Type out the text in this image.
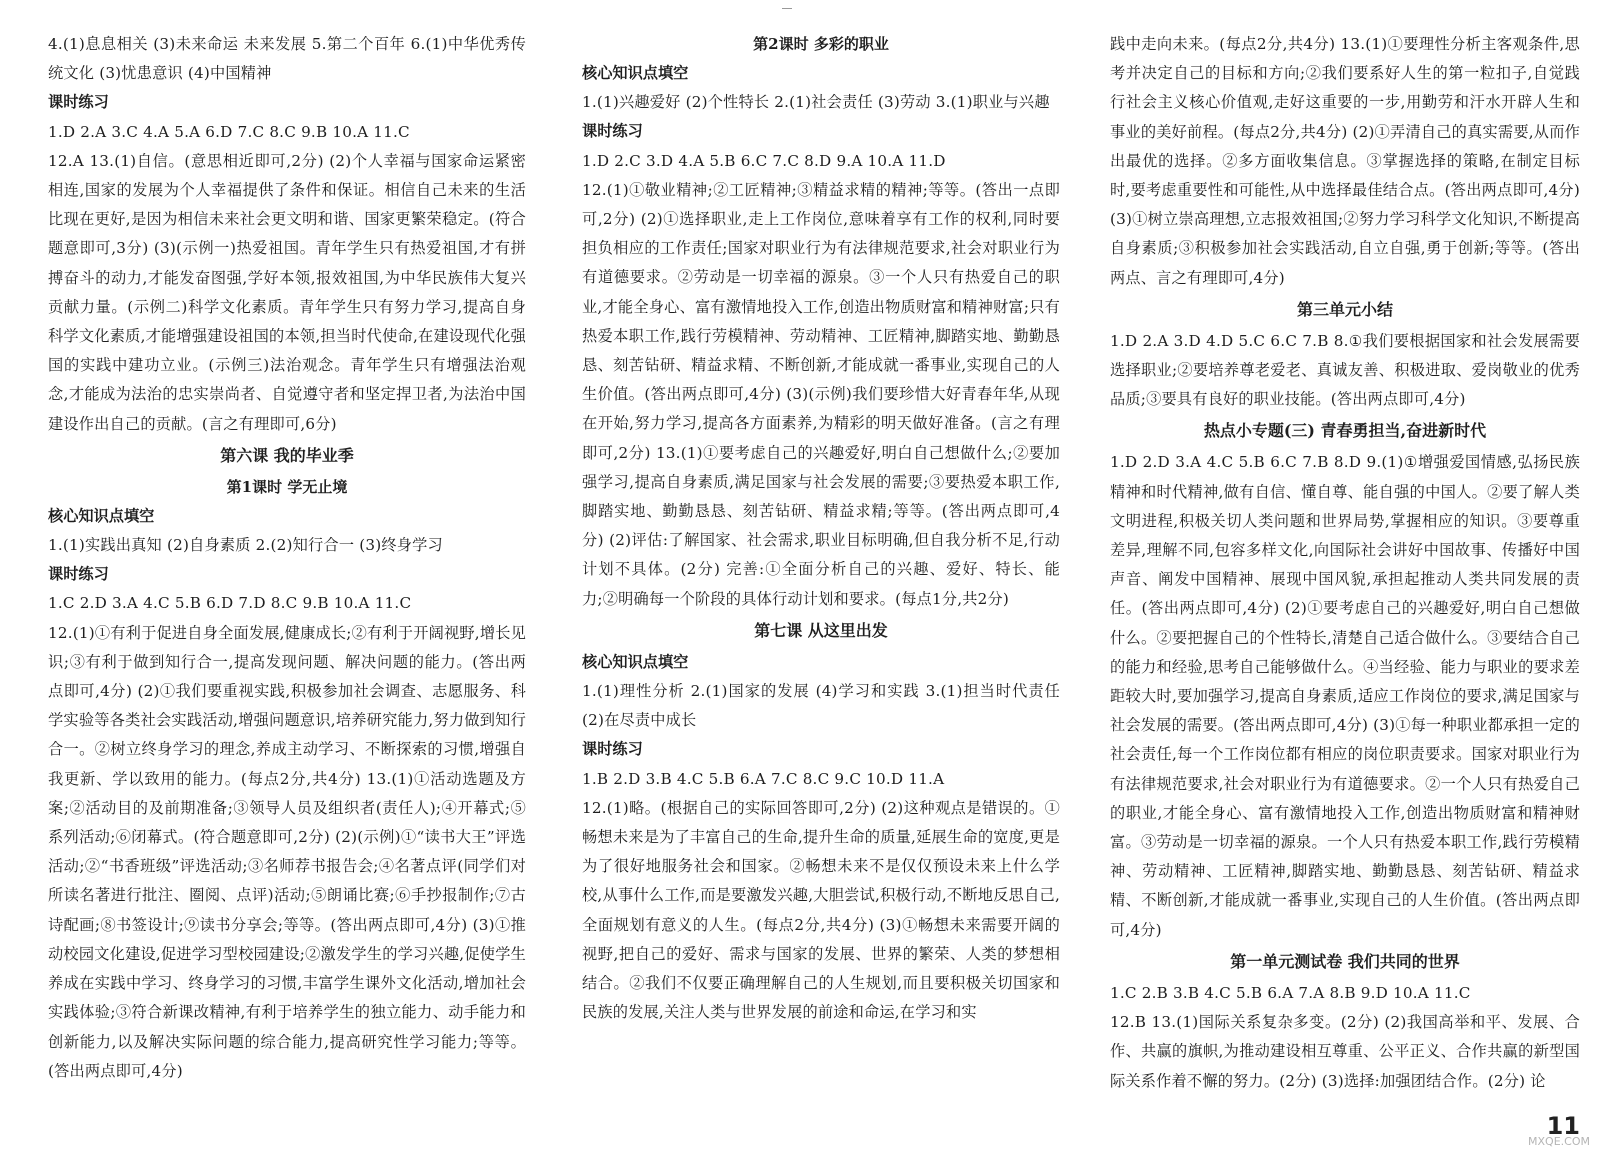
4.(1)息息相关 (3)未来命运 未来发展 5.第二个百年 6.(1)中华优秀传统文化 (3)忧患意识 (4)中国精神

课时练习

1.D 2.A 3.C 4.A 5.A 6.D 7.C 8.C 9.B 10.A 11.C

12.A 13.(1)自信。(意思相近即可,2分) (2)个人幸福与国家命运紧密相连,国家的发展为个人幸福提供了条件和保证。相信自己未来的生活比现在更好,是因为相信未来社会更文明和谐、国家更繁荣稳定。(符合题意即可,3分) (3)(示例一)热爱祖国。青年学生只有热爱祖国,才有拼搏奋斗的动力,才能发奋图强,学好本领,报效祖国,为中华民族伟大复兴贡献力量。(示例二)科学文化素质。青年学生只有努力学习,提高自身科学文化素质,才能增强建设祖国的本领,担当时代使命,在建设现代化强国的实践中建功立业。(示例三)法治观念。青年学生只有增强法治观念,才能成为法治的忠实崇尚者、自觉遵守者和坚定捍卫者,为法治中国建设作出自己的贡献。(言之有理即可,6分)

第六课 我的毕业季

第1课时 学无止境

核心知识点填空

1.(1)实践出真知 (2)自身素质 2.(2)知行合一 (3)终身学习

课时练习

1.C 2.D 3.A 4.C 5.B 6.D 7.D 8.C 9.B 10.A 11.C

12.(1)①有利于促进自身全面发展,健康成长;②有利于开阔视野,增长见识;③有利于做到知行合一,提高发现问题、解决问题的能力。(答出两点即可,4分) (2)①我们要重视实践,积极参加社会调查、志愿服务、科学实验等各类社会实践活动,增强问题意识,培养研究能力,努力做到知行合一。②树立终身学习的理念,养成主动学习、不断探索的习惯,增强自我更新、学以致用的能力。(每点2分,共4分) 13.(1)①活动选题及方案;②活动目的及前期准备;③领导人员及组织者(责任人);④开幕式;⑤系列活动;⑥闭幕式。(符合题意即可,2分) (2)(示例)①“读书大王”评选活动;②“书香班级”评选活动;③名师荐书报告会;④名著点评(同学们对所读名著进行批注、圈阅、点评)活动;⑤朗诵比赛;⑥手抄报制作;⑦古诗配画;⑧书签设计;⑨读书分享会;等等。(答出两点即可,4分) (3)①推动校园文化建设,促进学习型校园建设;②激发学生的学习兴趣,促使学生养成在实践中学习、终身学习的习惯,丰富学生课外文化活动,增加社会实践体验;③符合新课改精神,有利于培养学生的独立能力、动手能力和创新能力,以及解决实际问题的综合能力,提高研究性学习能力;等等。(答出两点即可,4分)

第2课时 多彩的职业

核心知识点填空

1.(1)兴趣爱好 (2)个性特长 2.(1)社会责任 (3)劳动 3.(1)职业与兴趣

课时练习

1.D 2.C 3.D 4.A 5.B 6.C 7.C 8.D 9.A 10.A 11.D

12.(1)①敬业精神;②工匠精神;③精益求精的精神;等等。(答出一点即可,2分) (2)①选择职业,走上工作岗位,意味着享有工作的权利,同时要担负相应的工作责任;国家对职业行为有法律规范要求,社会对职业行为有道德要求。②劳动是一切幸福的源泉。③一个人只有热爱自己的职业,才能全身心、富有激情地投入工作,创造出物质财富和精神财富;只有热爱本职工作,践行劳模精神、劳动精神、工匠精神,脚踏实地、勤勤恳恳、刻苦钻研、精益求精、不断创新,才能成就一番事业,实现自己的人生价值。(答出两点即可,4分) (3)(示例)我们要珍惜大好青春年华,从现在开始,努力学习,提高各方面素养,为精彩的明天做好准备。(言之有理即可,2分) 13.(1)①要考虑自己的兴趣爱好,明白自己想做什么;②要加强学习,提高自身素质,满足国家与社会发展的需要;③要热爱本职工作,脚踏实地、勤勤恳恳、刻苦钻研、精益求精;等等。(答出两点即可,4分) (2)评估:了解国家、社会需求,职业目标明确,但自我分析不足,行动计划不具体。(2分) 完善:①全面分析自己的兴趣、爱好、特长、能力;②明确每一个阶段的具体行动计划和要求。(每点1分,共2分)

第七课 从这里出发

核心知识点填空

1.(1)理性分析 2.(1)国家的发展 (4)学习和实践 3.(1)担当时代责任 (2)在尽责中成长

课时练习

1.B 2.D 3.B 4.C 5.B 6.A 7.C 8.C 9.C 10.D 11.A

12.(1)略。(根据自己的实际回答即可,2分) (2)这种观点是错误的。①畅想未来是为了丰富自己的生命,提升生命的质量,延展生命的宽度,更是为了很好地服务社会和国家。②畅想未来不是仅仅预设未来上什么学校,从事什么工作,而是要激发兴趣,大胆尝试,积极行动,不断地反思自己,全面规划有意义的人生。(每点2分,共4分) (3)①畅想未来需要开阔的视野,把自己的爱好、需求与国家的发展、世界的繁荣、人类的梦想相结合。②我们不仅要正确理解自己的人生规划,而且要积极关切国家和民族的发展,关注人类与世界发展的前途和命运,在学习和实

践中走向未来。(每点2分,共4分) 13.(1)①要理性分析主客观条件,思考并决定自己的目标和方向;②我们要系好人生的第一粒扣子,自觉践行社会主义核心价值观,走好这重要的一步,用勤劳和汗水开辟人生和事业的美好前程。(每点2分,共4分) (2)①弄清自己的真实需要,从而作出最优的选择。②多方面收集信息。③掌握选择的策略,在制定目标时,要考虑重要性和可能性,从中选择最佳结合点。(答出两点即可,4分) (3)①树立崇高理想,立志报效祖国;②努力学习科学文化知识,不断提高自身素质;③积极参加社会实践活动,自立自强,勇于创新;等等。(答出两点、言之有理即可,4分)

第三单元小结

1.D 2.A 3.D 4.D 5.C 6.C 7.B 8.①我们要根据国家和社会发展需要选择职业;②要培养尊老爱老、真诚友善、积极进取、爱岗敬业的优秀品质;③要具有良好的职业技能。(答出两点即可,4分)

热点小专题(三) 青春勇担当,奋进新时代

1.D 2.D 3.A 4.C 5.B 6.C 7.B 8.D 9.(1)①增强爱国情感,弘扬民族精神和时代精神,做有自信、懂自尊、能自强的中国人。②要了解人类文明进程,积极关切人类问题和世界局势,掌握相应的知识。③要尊重差异,理解不同,包容多样文化,向国际社会讲好中国故事、传播好中国声音、阐发中国精神、展现中国风貌,承担起推动人类共同发展的责任。(答出两点即可,4分) (2)①要考虑自己的兴趣爱好,明白自己想做什么。②要把握自己的个性特长,清楚自己适合做什么。③要结合自己的能力和经验,思考自己能够做什么。④当经验、能力与职业的要求差距较大时,要加强学习,提高自身素质,适应工作岗位的要求,满足国家与社会发展的需要。(答出两点即可,4分) (3)①每一种职业都承担一定的社会责任,每一个工作岗位都有相应的岗位职责要求。国家对职业行为有法律规范要求,社会对职业行为有道德要求。②一个人只有热爱自己的职业,才能全身心、富有激情地投入工作,创造出物质财富和精神财富。③劳动是一切幸福的源泉。一个人只有热爱本职工作,践行劳模精神、劳动精神、工匠精神,脚踏实地、勤勤恳恳、刻苦钻研、精益求精、不断创新,才能成就一番事业,实现自己的人生价值。(答出两点即可,4分)

第一单元测试卷 我们共同的世界

1.C 2.B 3.B 4.C 5.B 6.A 7.A 8.B 9.D 10.A 11.C

12.B 13.(1)国际关系复杂多变。(2分) (2)我国高举和平、发展、合作、共赢的旗帜,为推动建设相互尊重、公平正义、合作共赢的新型国际关系作着不懈的努力。(2分) (3)选择:加强团结合作。(2分) 论

11
MXQE.COM
